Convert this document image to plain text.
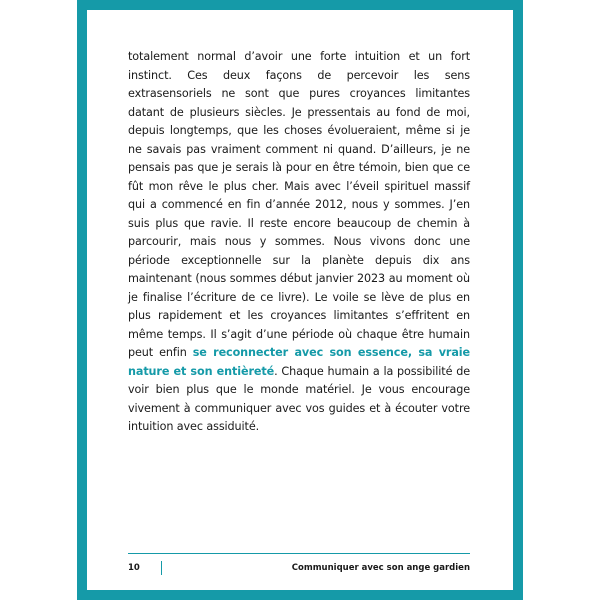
totalement normal d’avoir une forte intuition et un fort instinct. Ces deux façons de percevoir les sens extrasensoriels ne sont que pures croyances limitantes datant de plusieurs siècles. Je pressentais au fond de moi, depuis longtemps, que les choses évolueraient, même si je ne savais pas vraiment comment ni quand. D’ailleurs, je ne pensais pas que je serais là pour en être témoin, bien que ce fût mon rêve le plus cher. Mais avec l’éveil spirituel massif qui a commencé en fin d’année 2012, nous y sommes. J’en suis plus que ravie. Il reste encore beaucoup de chemin à parcourir, mais nous y sommes. Nous vivons donc une période exceptionnelle sur la planète depuis dix ans maintenant (nous sommes début janvier 2023 au moment où je finalise l’écriture de ce livre). Le voile se lève de plus en plus rapidement et les croyances limitantes s’effritent en même temps. Il s’agit d’une période où chaque être humain peut enfin se reconnecter avec son essence, sa vraie nature et son entièreté. Chaque humain a la possibilité de voir bien plus que le monde matériel. Je vous encourage vivement à communiquer avec vos guides et à écouter votre intuition avec assiduité.

10	Communiquer avec son ange gardien
